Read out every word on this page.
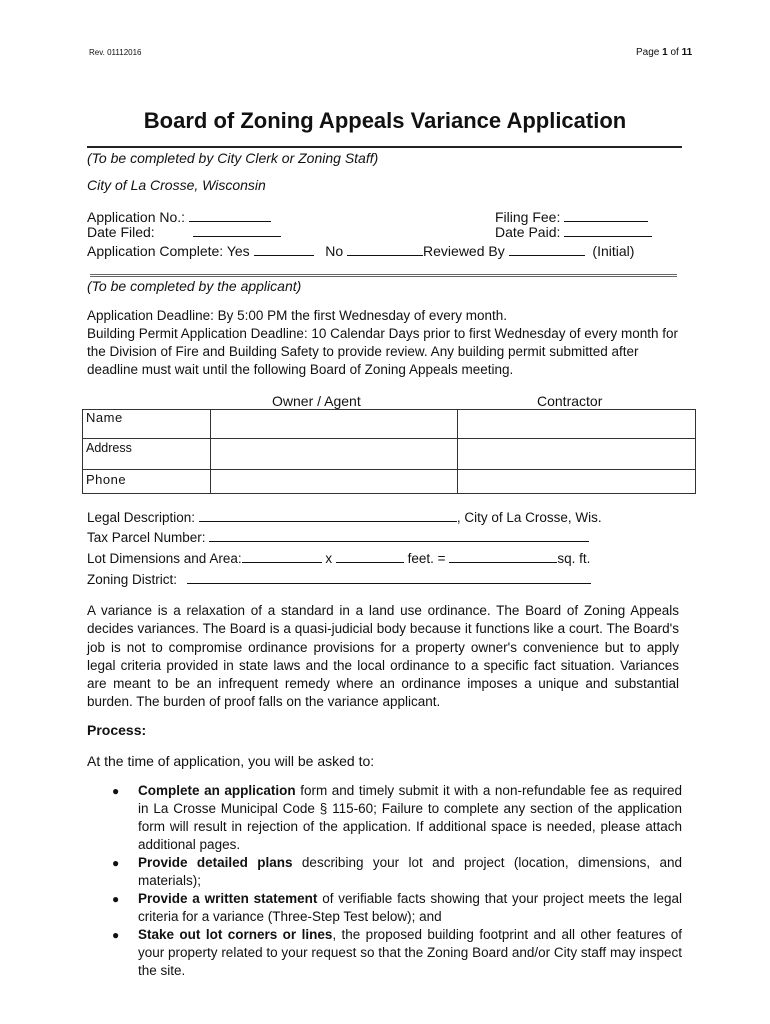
Rev. 01112016	Page 1 of 11
Board of Zoning Appeals Variance Application
(To be completed by City Clerk or Zoning Staff)
City of La Crosse, Wisconsin
Application No.:
Date Filed:
Filing Fee:
Date Paid:
Application Complete: Yes	No	Reviewed By	(Initial)
(To be completed by the applicant)
Application Deadline: By 5:00 PM the first Wednesday of every month.
Building Permit Application Deadline: 10 Calendar Days prior to first Wednesday of every month for the Division of Fire and Building Safety to provide review. Any building permit submitted after deadline must wait until the following Board of Zoning Appeals meeting.
Owner / Agent	Contractor
Name		
Address		
Phone		
Legal Description:	, City of La Crosse, Wis.
Tax Parcel Number:
Lot Dimensions and Area:	x	feet. =	sq. ft.
Zoning District:
A variance is a relaxation of a standard in a land use ordinance. The Board of Zoning Appeals decides variances. The Board is a quasi-judicial body because it functions like a court. The Board's job is not to compromise ordinance provisions for a property owner's convenience but to apply legal criteria provided in state laws and the local ordinance to a specific fact situation. Variances are meant to be an infrequent remedy where an ordinance imposes a unique and substantial burden. The burden of proof falls on the variance applicant.
Process:
At the time of application, you will be asked to:
●	Complete an application form and timely submit it with a non-refundable fee as required in La Crosse Municipal Code § 115-60; Failure to complete any section of the application form will result in rejection of the application. If additional space is needed, please attach additional pages.
●	Provide detailed plans describing your lot and project (location, dimensions, and materials);
●	Provide a written statement of verifiable facts showing that your project meets the legal criteria for a variance (Three-Step Test below); and
●	Stake out lot corners or lines, the proposed building footprint and all other features of your property related to your request so that the Zoning Board and/or City staff may inspect the site.
